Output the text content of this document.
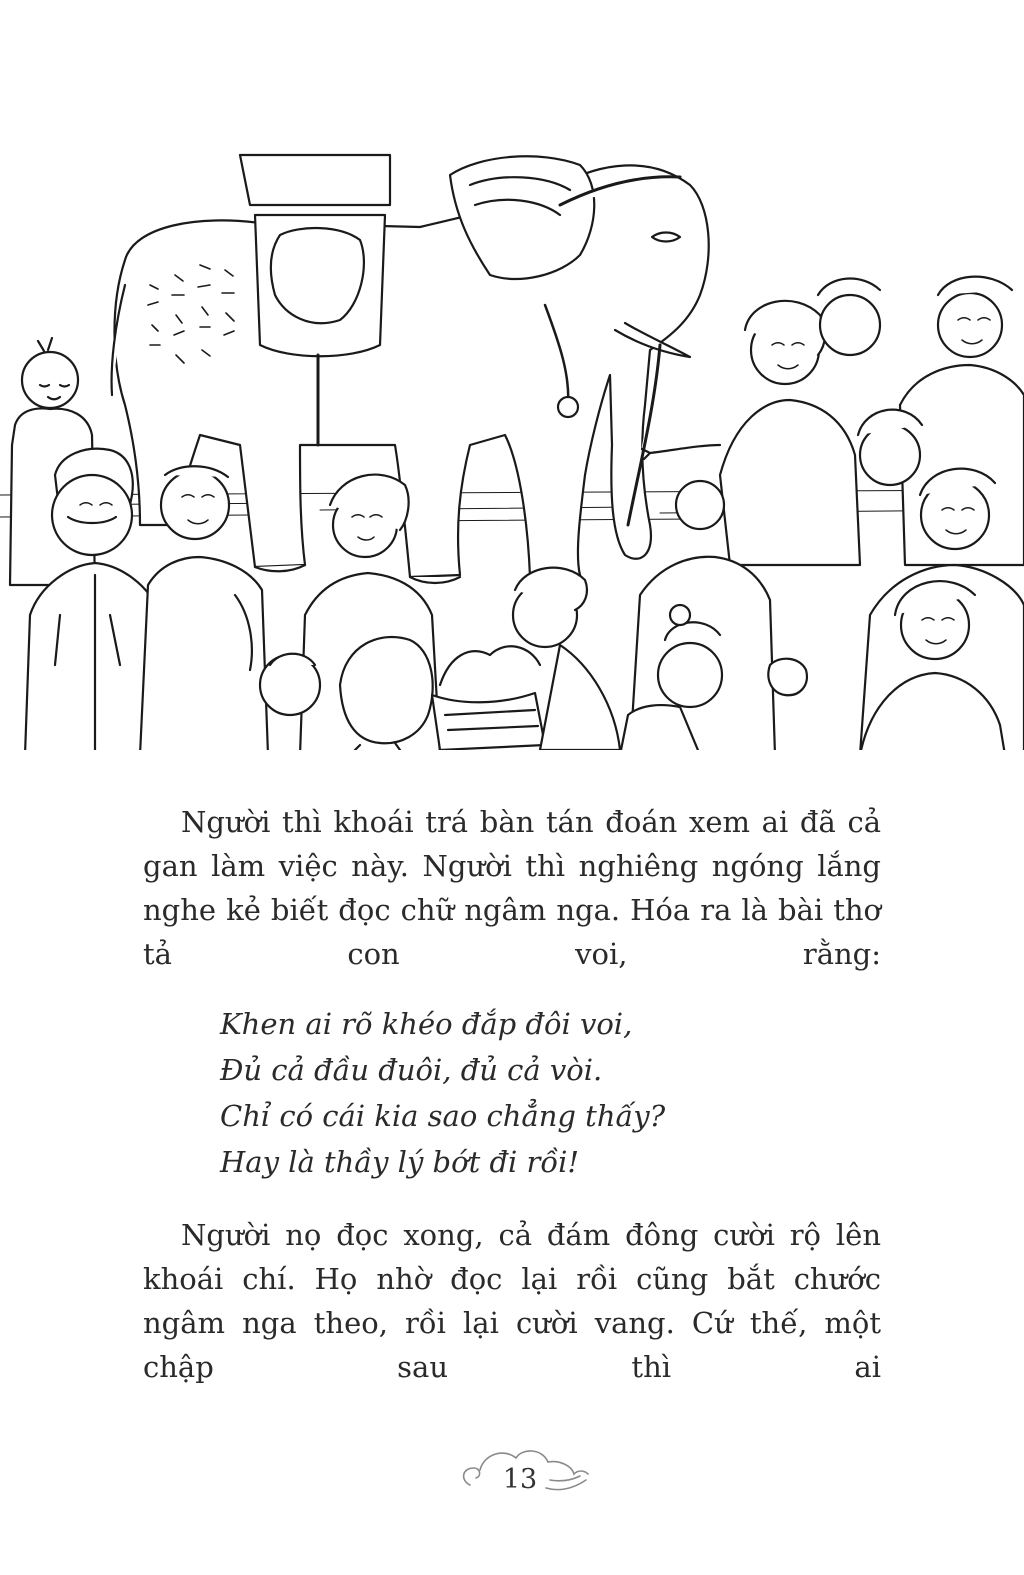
Người thì khoái trá bàn tán đoán xem ai đã cả gan làm việc này. Người thì nghiêng ngóng lắng nghe kẻ biết đọc chữ ngâm nga. Hóa ra là bài thơ tả con voi, rằng:

Khen ai rõ khéo đắp đôi voi,
Đủ cả đầu đuôi, đủ cả vòi.
Chỉ có cái kia sao chẳng thấy?
Hay là thầy lý bớt đi rồi!

Người nọ đọc xong, cả đám đông cười rộ lên khoái chí. Họ nhờ đọc lại rồi cũng bắt chước ngâm nga theo, rồi lại cười vang. Cứ thế, một chập sau thì ai

13
